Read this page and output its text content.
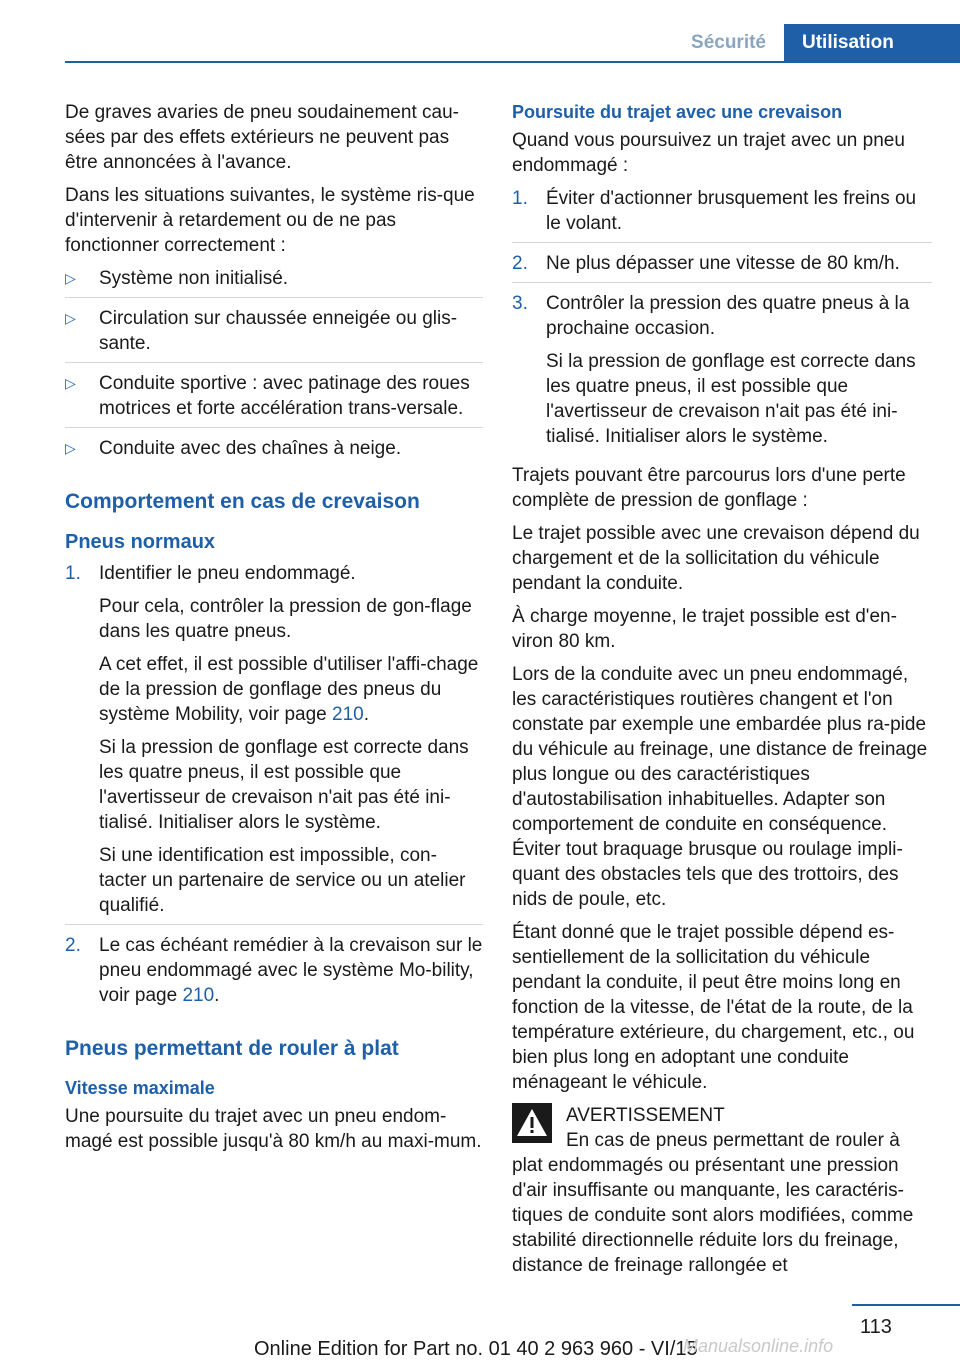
Sécurité	Utilisation

De graves avaries de pneu soudainement cau-sées par des effets extérieurs ne peuvent pas être annoncées à l'avance.

Dans les situations suivantes, le système ris-que d'intervenir à retardement ou de ne pas fonctionner correctement :

▷ Système non initialisé.
▷ Circulation sur chaussée enneigée ou glis-sante.
▷ Conduite sportive : avec patinage des roues motrices et forte accélération trans-versale.
▷ Conduite avec des chaînes à neige.
Comportement en cas de crevaison
Pneus normaux
1. Identifier le pneu endommagé.

Pour cela, contrôler la pression de gon-flage dans les quatre pneus.

A cet effet, il est possible d'utiliser l'affi-chage de la pression de gonflage des pneus du système Mobility, voir page 210.

Si la pression de gonflage est correcte dans les quatre pneus, il est possible que l'avertisseur de crevaison n'ait pas été ini-tialisé. Initialiser alors le système.

Si une identification est impossible, con-tacter un partenaire de service ou un atelier qualifié.

2. Le cas échéant remédier à la crevaison sur le pneu endommagé avec le système Mo-bility, voir page 210.

Pneus permettant de rouler à plat
Vitesse maximale

Une poursuite du trajet avec un pneu endom-magé est possible jusqu'à 80 km/h au maxi-mum.

Poursuite du trajet avec une crevaison

Quand vous poursuivez un trajet avec un pneu endommagé :

1. Éviter d'actionner brusquement les freins ou le volant.

2. Ne plus dépasser une vitesse de 80 km/h.

3. Contrôler la pression des quatre pneus à la prochaine occasion.

Si la pression de gonflage est correcte dans les quatre pneus, il est possible que l'avertisseur de crevaison n'ait pas été ini-tialisé. Initialiser alors le système.

Trajets pouvant être parcourus lors d'une perte complète de pression de gonflage :

Le trajet possible avec une crevaison dépend du chargement et de la sollicitation du véhicule pendant la conduite.

À charge moyenne, le trajet possible est d'en-viron 80 km.

Lors de la conduite avec un pneu endommagé, les caractéristiques routières changent et l'on constate par exemple une embardée plus ra-pide du véhicule au freinage, une distance de freinage plus longue ou des caractéristiques d'autostabilisation inhabituelles. Adapter son comportement de conduite en conséquence. Éviter tout braquage brusque ou roulage impli-quant des obstacles tels que des trottoirs, des nids de poule, etc.

Étant donné que le trajet possible dépend es-sentiellement de la sollicitation du véhicule pendant la conduite, il peut être moins long en fonction de la vitesse, de l'état de la route, de la température extérieure, du chargement, etc., ou bien plus long en adoptant une conduite ménageant le véhicule.

AVERTISSEMENT
En cas de pneus permettant de rouler à plat endommagés ou présentant une pression d'air insuffisante ou manquante, les caractéris-tiques de conduite sont alors modifiées, comme stabilité directionnelle réduite lors du freinage, distance de freinage rallongée et
113
Online Edition for Part no. 01 40 2 963 960 - VI/15
Manualsonline.info
